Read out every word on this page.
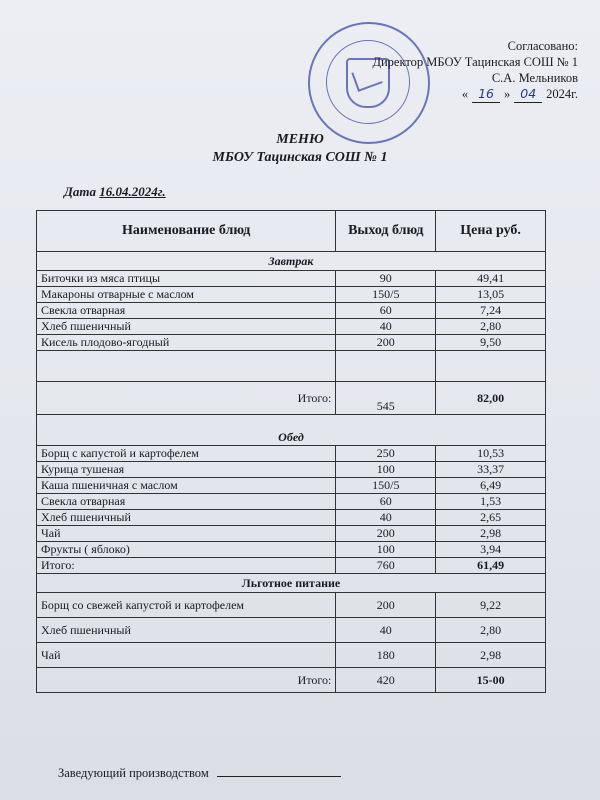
Согласовано:
Директор МБОУ Тацинская СОШ № 1
С.А. Мельников
« 16 » 04 2024г.
МЕНЮ
МБОУ Тацинская СОШ № 1
Дата 16.04.2024г.
Наименование блюд	Выход блюд	Цена руб.
Завтрак		
Биточки из мяса птицы	90	49,41
Макароны отварные с маслом	150/5	13,05
Свекла отварная	60	7,24
Хлеб пшеничный	40	2,80
Кисель плодово-ягодный	200	9,50

Итого:	545	82,00
Обед		
Борщ с капустой и картофелем	250	10,53
Курица тушеная	100	33,37
Каша пшеничная с маслом	150/5	6,49
Свекла отварная	60	1,53
Хлеб пшеничный	40	2,65
Чай	200	2,98
Фрукты ( яблоко)	100	3,94
Итого:	760	61,49
Льготное питание		
Борщ со свежей капустой и картофелем	200	9,22
Хлеб пшеничный	40	2,80
Чай	180	2,98
Итого:	420	15-00
Заведующий производством
